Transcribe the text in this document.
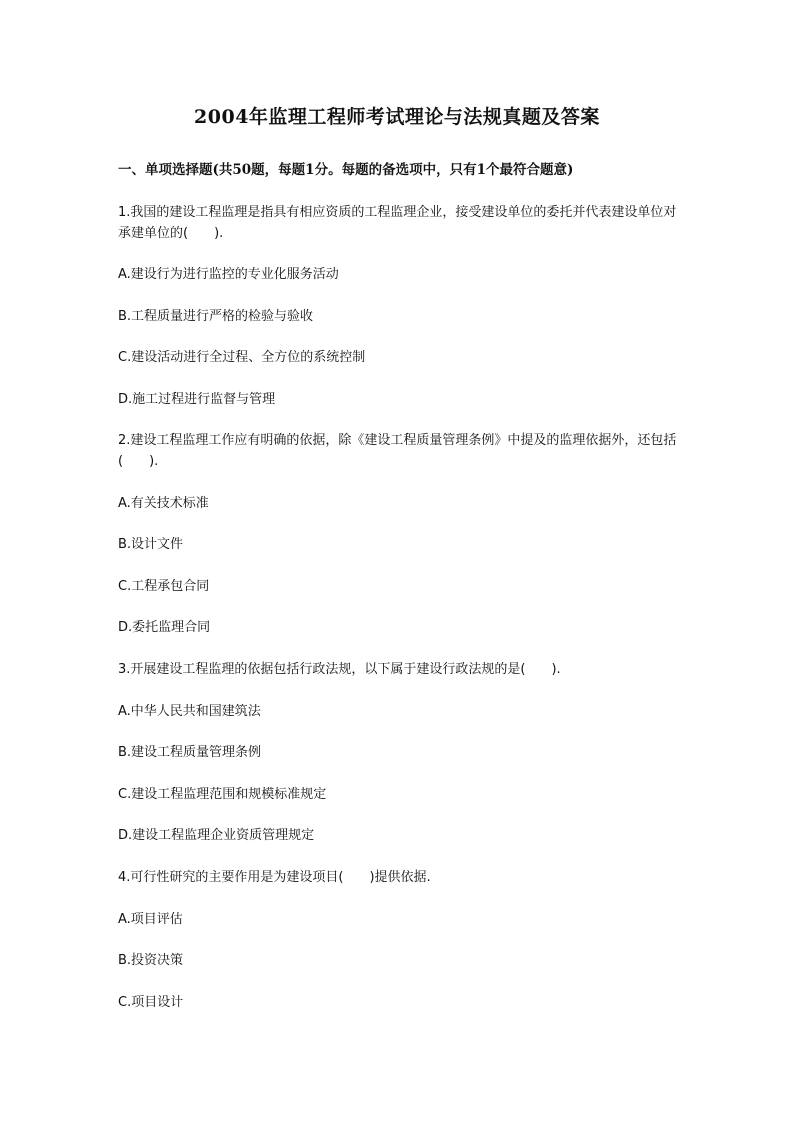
2004年监理工程师考试理论与法规真题及答案
一、单项选择题(共50题，每题1分。每题的备选项中，只有1个最符合题意)
1.我国的建设工程监理是指具有相应资质的工程监理企业，接受建设单位的委托并代表建设单位对承建单位的(　　).
A.建设行为进行监控的专业化服务活动
B.工程质量进行严格的检验与验收
C.建设活动进行全过程、全方位的系统控制
D.施工过程进行监督与管理
2.建设工程监理工作应有明确的依据，除《建设工程质量管理条例》中提及的监理依据外，还包括(　　).
A.有关技术标准
B.设计文件
C.工程承包合同
D.委托监理合同
3.开展建设工程监理的依据包括行政法规，以下属于建设行政法规的是(　　).
A.中华人民共和国建筑法
B.建设工程质量管理条例
C.建设工程监理范围和规模标准规定
D.建设工程监理企业资质管理规定
4.可行性研究的主要作用是为建设项目(　　)提供依据.
A.项目评估
B.投资决策
C.项目设计
